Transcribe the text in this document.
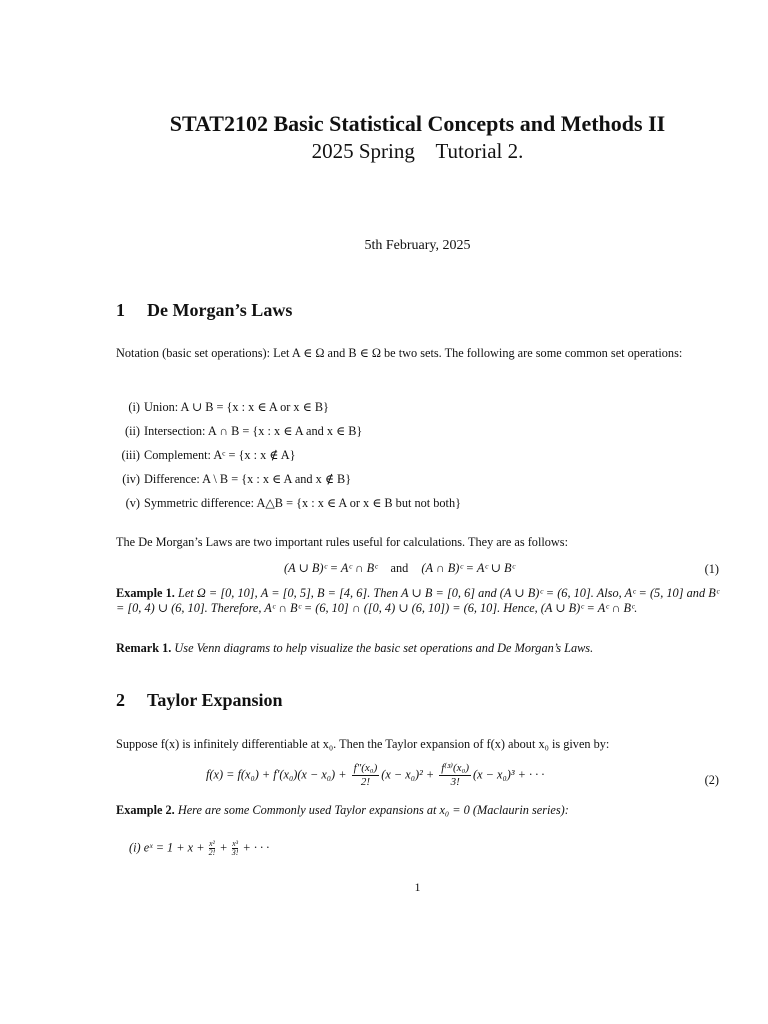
STAT2102 Basic Statistical Concepts and Methods II
2025 Spring    Tutorial 2.
5th February, 2025
1 De Morgan’s Laws
Notation (basic set operations): Let A ∈ Ω and B ∈ Ω be two sets. The following are some common set operations:
(i) Union: A ∪ B = {x : x ∈ A or x ∈ B}
(ii) Intersection: A ∩ B = {x : x ∈ A and x ∈ B}
(iii) Complement: Aᶜ = {x : x ∉ A}
(iv) Difference: A \ B = {x : x ∈ A and x ∉ B}
(v) Symmetric difference: A△B = {x : x ∈ A or x ∈ B but not both}
The De Morgan’s Laws are two important rules useful for calculations. They are as follows:
(A ∪ B)ᶜ = Aᶜ ∩ Bᶜ and (A ∩ B)ᶜ = Aᶜ ∪ Bᶜ	(1)
Example 1. Let Ω = [0, 10], A = [0, 5], B = [4, 6]. Then A ∪ B = [0, 6] and (A ∪ B)ᶜ = (6, 10]. Also, Aᶜ = (5, 10] and Bᶜ = [0, 4) ∪ (6, 10]. Therefore, Aᶜ ∩ Bᶜ = (6, 10] ∩ ([0, 4) ∪ (6, 10]) = (6, 10]. Hence, (A ∪ B)ᶜ = Aᶜ ∩ Bᶜ.
Remark 1. Use Venn diagrams to help visualize the basic set operations and De Morgan’s Laws.
2 Taylor Expansion
Suppose f(x) is infinitely differentiable at x₀. Then the Taylor expansion of f(x) about x₀ is given by:
$f(x) = f(x_0) + f'(x_0)(x - x_0) + \frac{\text{f″(x₀)}}{2!} (x - x_0)^2 + \frac{\text{f⁽³⁾(x₀)}}{3!} (x - x_0)^3$ + · · ·	(2)
Example 2. Here are some Commonly used Taylor expansions at x₀ = 0 (Maclaurin series):
(i) eˣ = $1 + x + \frac{\text{x²}}{2!} + \frac{\text{x³}}{3!}$ + · · ·
1
